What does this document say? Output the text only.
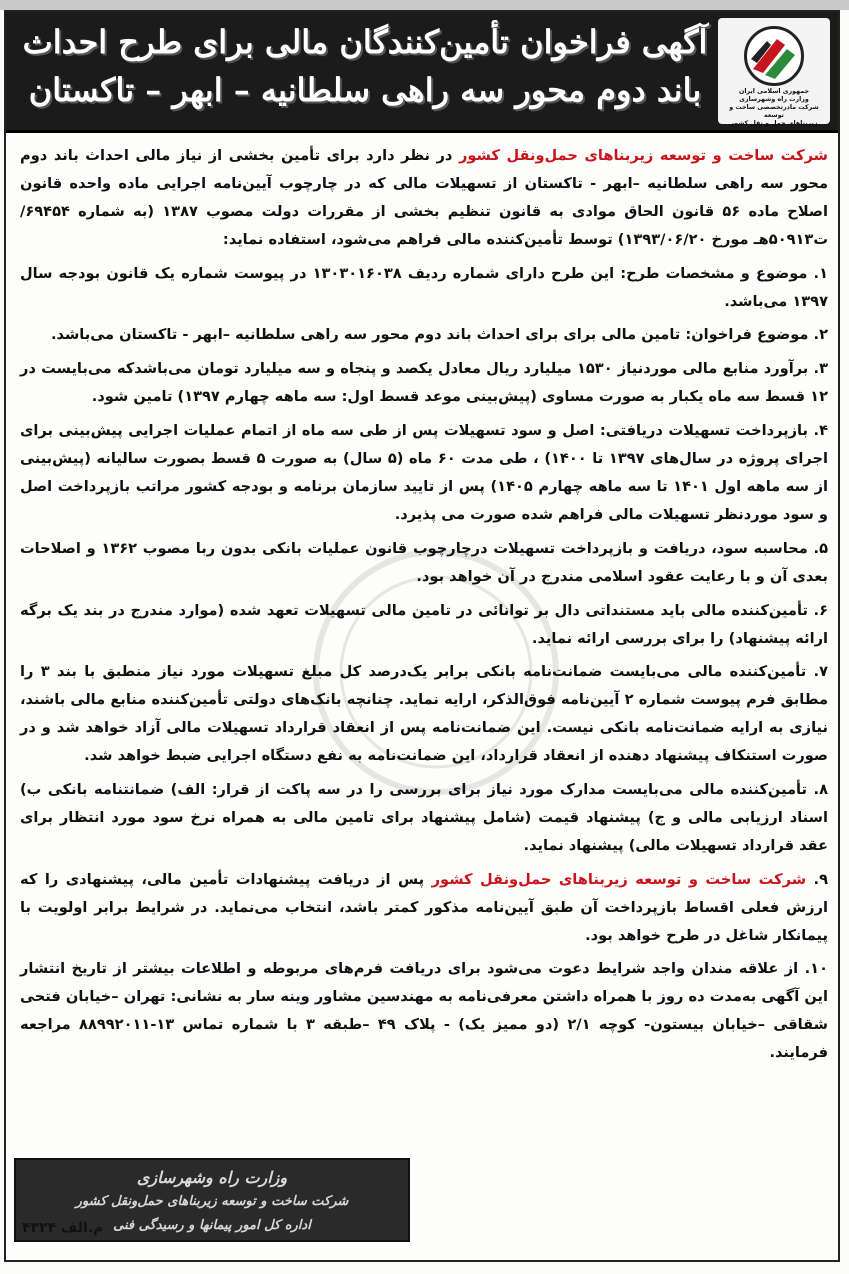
آگهی فراخوان تأمین‌کنندگان مالی برای طرح احداث
باند دوم محور سه راهی سلطانیه – ابهر – تاکستان	جمهوری اسلامی ایران
وزارت راه وشهرسازی
شرکت مادرتخصصی ساخت و توسعه
زیربناهای حمل و نقل کشور

شرکت ساخت و توسعه زیربناهای حمل‌ونقل کشور در نظر دارد برای تأمین بخشی از نیاز مالی احداث باند دوم محور سه راهی سلطانیه –ابهر - تاکستان از تسهیلات مالی که در چارچوب آیین‌نامه اجرایی ماده واحده قانون اصلاح ماده ۵۶ قانون الحاق موادی به قانون تنظیم بخشی از مقررات دولت مصوب ۱۳۸۷ (به شماره ۶۹۴۵۴/ت۵۰۹۱۳هـ مورخ ۱۳۹۳/۰۶/۲۰) توسط تأمین‌کننده مالی فراهم می‌شود، استفاده نماید:

۱. موضوع و مشخصات طرح: این طرح دارای شماره ردیف ۱۳۰۳۰۱۶۰۳۸ در پیوست شماره یک قانون بودجه سال ۱۳۹۷ می‌باشد.

۲. موضوع فراخوان: تامین مالی برای برای احداث باند دوم محور سه راهی سلطانیه –ابهر - تاکستان می‌باشد.

۳. برآورد منابع مالی موردنیاز ۱۵۳۰ میلیارد ریال معادل یکصد و پنجاه و سه میلیارد تومان می‌باشدکه می‌بایست در ۱۲ قسط سه ماه یکبار به صورت مساوی (پیش‌بینی موعد قسط اول: سه ماهه چهارم ۱۳۹۷) تامین شود.

۴. بازپرداخت تسهیلات دریافتی: اصل و سود تسهیلات پس از طی سه ماه از اتمام عملیات اجرایی پیش‌بینی برای اجرای پروژه در سال‌های ۱۳۹۷ تا ۱۴۰۰) ، طی مدت ۶۰ ماه (۵ سال) به صورت ۵ قسط بصورت سالیانه (پیش‌بینی از سه ماهه اول ۱۴۰۱ تا سه ماهه چهارم ۱۴۰۵) پس از تایید سازمان برنامه و بودجه کشور مراتب بازپرداخت اصل و سود موردنظر تسهیلات مالی فراهم شده صورت می پذیرد.

۵. محاسبه سود، دریافت و بازپرداخت تسهیلات درچارچوب قانون عملیات بانکی بدون ربا مصوب ۱۳۶۲ و اصلاحات بعدی آن و با رعایت عقود اسلامی مندرج در آن خواهد بود.

۶. تأمین‌کننده مالی باید مستنداتی دال بر توانائی در تامین مالی تسهیلات تعهد شده (موارد مندرج در بند یک برگه ارائه پیشنهاد) را برای بررسی ارائه نماید.

۷. تأمین‌کننده مالی می‌بایست ضمانت‌نامه بانکی برابر یک‌درصد کل مبلغ تسهیلات مورد نیاز منطبق با بند ۳ را مطابق فرم پیوست شماره ۲ آیین‌نامه فوق‌الذکر، ارایه نماید. چنانچه بانک‌های دولتی تأمین‌کننده منابع مالی باشند، نیازی به ارایه ضمانت‌نامه بانکی نیست. این ضمانت‌نامه پس از انعقاد قرارداد تسهیلات مالی آزاد خواهد شد و در صورت استنکاف پیشنهاد دهنده از انعقاد قرارداد، این ضمانت‌نامه به نفع دستگاه اجرایی ضبط خواهد شد.

۸. تأمین‌کننده مالی می‌بایست مدارک مورد نیاز برای بررسی را در سه پاکت از قرار: الف) ضمانتنامه بانکی ب) اسناد ارزیابی مالی و ج) پیشنهاد قیمت (شامل پیشنهاد برای تامین مالی به همراه نرخ سود مورد انتظار برای عقد قرارداد تسهیلات مالی) پیشنهاد نماید.

۹. شرکت ساخت و توسعه زیربناهای حمل‌ونقل کشور پس از دریافت پیشنهادات تأمین مالی، پیشنهادی را که ارزش فعلی اقساط بازپرداخت آن طبق آیین‌نامه مذکور کمتر باشد، انتخاب می‌نماید. در شرایط برابر اولویت با پیمانکار شاغل در طرح خواهد بود.

۱۰. از علاقه مندان واجد شرایط دعوت می‌شود برای دریافت فرم‌های مربوطه و اطلاعات بیشتر از تاریخ انتشار این آگهی به‌مدت ده روز با همراه داشتن معرفی‌نامه به مهندسین مشاور وینه سار به نشانی: تهران –خیابان فتحی شقاقی –خیابان بیستون- کوچه ۲/۱ (دو ممیز یک) - پلاک ۴۹ –طبقه ۳ با شماره تماس ۱۳-۸۸۹۹۲۰۱۱ مراجعه فرمایند.

وزارت راه وشهرسازی
شرکت ساخت و توسعه زیربناهای حمل‌ونقل کشور
اداره کل امور پیمانها و رسیدگی فنی
م.الف ۴۳۲۴
